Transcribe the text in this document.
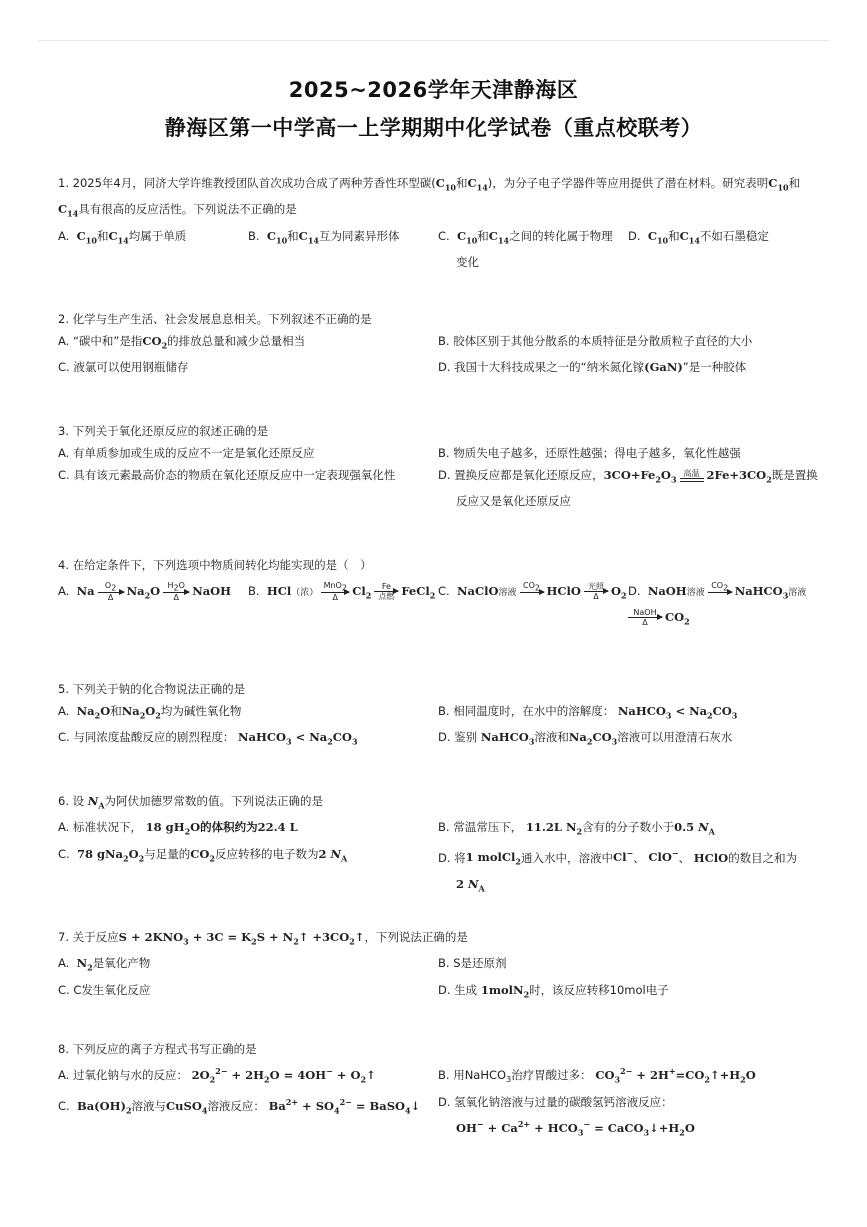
2025~2026学年天津静海区
静海区第一中学高一上学期期中化学试卷（重点校联考）
1. 2025年4月，同济大学许维教授团队首次成功合成了两种芳香性环型碳($C_{10}$和$C_{14}$)，为分子电子学器件等应用提供了潜在材料。研究表明$C_{10}$和
$C_{14}$具有很高的反应活性。下列说法不正确的是
A.  $C_{10}$和$C_{14}$均属于单质	B.  $C_{10}$和$C_{14}$互为同素异形体	C.  $C_{10}$和$C_{14}$之间的转化属于物理
变化
D.  $C_{10}$和$C_{14}$不如石墨稳定
2. 化学与生产生活、社会发展息息相关。下列叙述不正确的是
A. “碳中和”是指$CO_2$的排放总量和减少总量相当	B. 胶体区别于其他分散系的本质特征是分散质粒子直径的大小
C. 液氯可以使用钢瓶储存	D. 我国十大科技成果之一的“纳米氮化镓(GaN)”是一种胶体
3. 下列关于氧化还原反应的叙述正确的是
A. 有单质参加或生成的反应不一定是氧化还原反应	B. 物质失电子越多，还原性越强；得电子越多，氧化性越强
C. 具有该元素最高价态的物质在氧化还原反应中一定表现强氧化性	D. 置换反应都是氧化还原反应，$3CO+Fe_2O_3$
高温 $2Fe+3CO_2$既是置换
反应又是氧化还原反应
4. 在给定条件下，下列选项中物质间转化均能实现的是（　）
A. Na $\frac{O_2}{\Delta} Na_2O \frac{H_2O}{\Delta}$ NaOH	B. HCl（浓）
MnO$_2$
Δ	$Cl_2$
Fe
点燃 FeCl$_2$ C. NaClO溶液
$CO_2$
HClO 光照
Δ	$O_2$ D. NaOH溶液
$CO_2$
NaHCO$_3$溶液

NaOH
Δ	$CO_2$
5. 下列关于钠的化合物说法正确的是
A. $Na_2O$和$Na_2O_2$均为碱性氧化物	B. 相同温度时，在水中的溶解度： NaHCO$_3$ < $Na_2CO_3$
C. 与同浓度盐酸反应的剧烈程度： NaHCO$_3$ < $Na_2CO_3$	D. 鉴别 NaHCO$_3$溶液和$Na_2CO_3$溶液可以用澄清石灰水
6. 设 $N_A$为阿伏加德罗常数的值。下列说法正确的是
A. 标准状况下， 18 $gH_2O$的体积约为22.4 L	B. 常温常压下， 11.2L $N_2$含有的分子数小于0.5 $N_A$
C. 78 $gNa_2O_2$与足量的$CO_2$反应转移的电子数为2 $N_A$	D. 将1 molCl$_2$通入水中，溶液中Cl−、 ClO−、 HClO的数目之和为
2 $N_A$
7. 关于反应$S + 2KNO_3 + 3C = K_2S$ + $N_2↑$ $+3CO_2↑$，下列说法正确的是
A. $N_2$是氧化产物	B. S是还原剂
C. C发生氧化反应	D. 生成 1molN$_2$时，该反应转移10mol电子
8. 下列反应的离子方程式书写正确的是
A. 过氧化钠与水的反应： $2O_2^{2-} + 2H_2O = 4OH^-$ + $O_2↑$	B. 用NaHCO$_3$治疗胃酸过多： $CO_3^{2-}$ + $2H^+=CO_2↑+H_2O$
C. $Ba(OH)_2$溶液与CuSO$_4$溶液反应： $Ba^{2+} + SO_4^{2-}$ = BaSO$_4$↓	D. 氢氧化钠溶液与过量的碳酸氢钙溶液反应：
$OH^- + Ca^{2+} + HCO_3^-$ = $CaCO_3↓+H_2O$
